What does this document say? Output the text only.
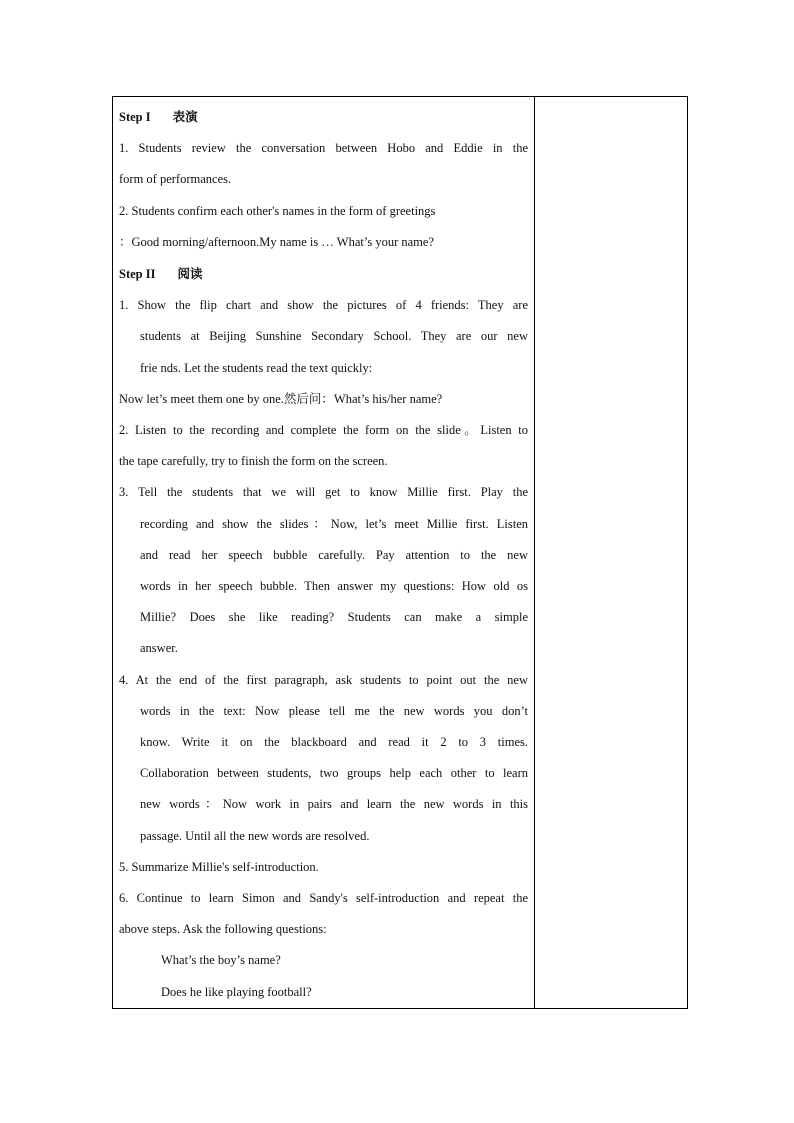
Step I 表演
1. Students review the conversation between Hobo and Eddie in the
form of performances.
2. Students confirm each other's names in the form of greetings
：Good morning/afternoon.My name is … What’s your name?
Step II 阅读
1. Show the flip chart and show the pictures of 4 friends: They are
students at Beijing Sunshine Secondary School. They are our new
frie nds. Let the students read the text quickly:
Now let’s meet them one by one.然后问：What’s his/her name?
2. Listen to the recording and complete the form on the slide。Listen to
the tape carefully, try to finish the form on the screen.
3. Tell the students that we will get to know Millie first. Play the
recording and show the slides：Now, let’s meet Millie first. Listen
and read her speech bubble carefully. Pay attention to the new
words in her speech bubble. Then answer my questions: How old os
Millie? Does she like reading? Students can make a simple
answer.
4. At the end of the first paragraph, ask students to point out the new
words in the text: Now please tell me the new words you don’t
know. Write it on the blackboard and read it 2 to 3 times.
Collaboration between students, two groups help each other to learn
new words：Now work in pairs and learn the new words in this
passage. Until all the new words are resolved.
5. Summarize Millie's self-introduction.
6. Continue to learn Simon and Sandy's self-introduction and repeat the
above steps. Ask the following questions:
What’s the boy’s name?
Does he like playing football?
